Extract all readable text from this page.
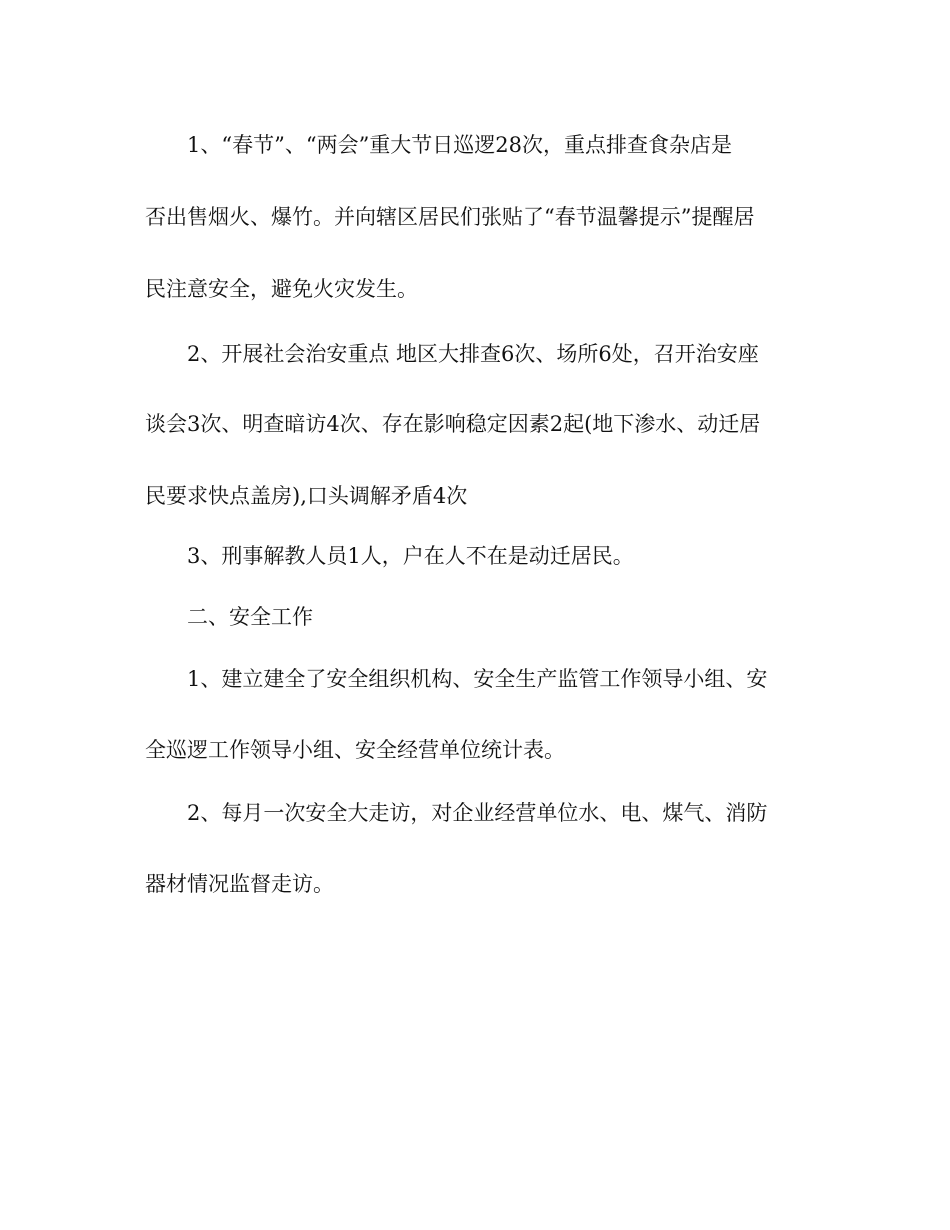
1、“春节”、“两会”重大节日巡逻28次，重点排查食杂店是
否出售烟火、爆竹。并向辖区居民们张贴了“春节温馨提示”提醒居
民注意安全，避免火灾发生。
2、开展社会治安重点 地区大排查6次、场所6处，召开治安座
谈会3次、明查暗访4次、存在影响稳定因素2起(地下渗水、动迁居
民要求快点盖房),口头调解矛盾4次
3、刑事解教人员1人，户在人不在是动迁居民。
二、安全工作
1、建立建全了安全组织机构、安全生产监管工作领导小组、安
全巡逻工作领导小组、安全经营单位统计表。
2、每月一次安全大走访，对企业经营单位水、电、煤气、消防
器材情况监督走访。
